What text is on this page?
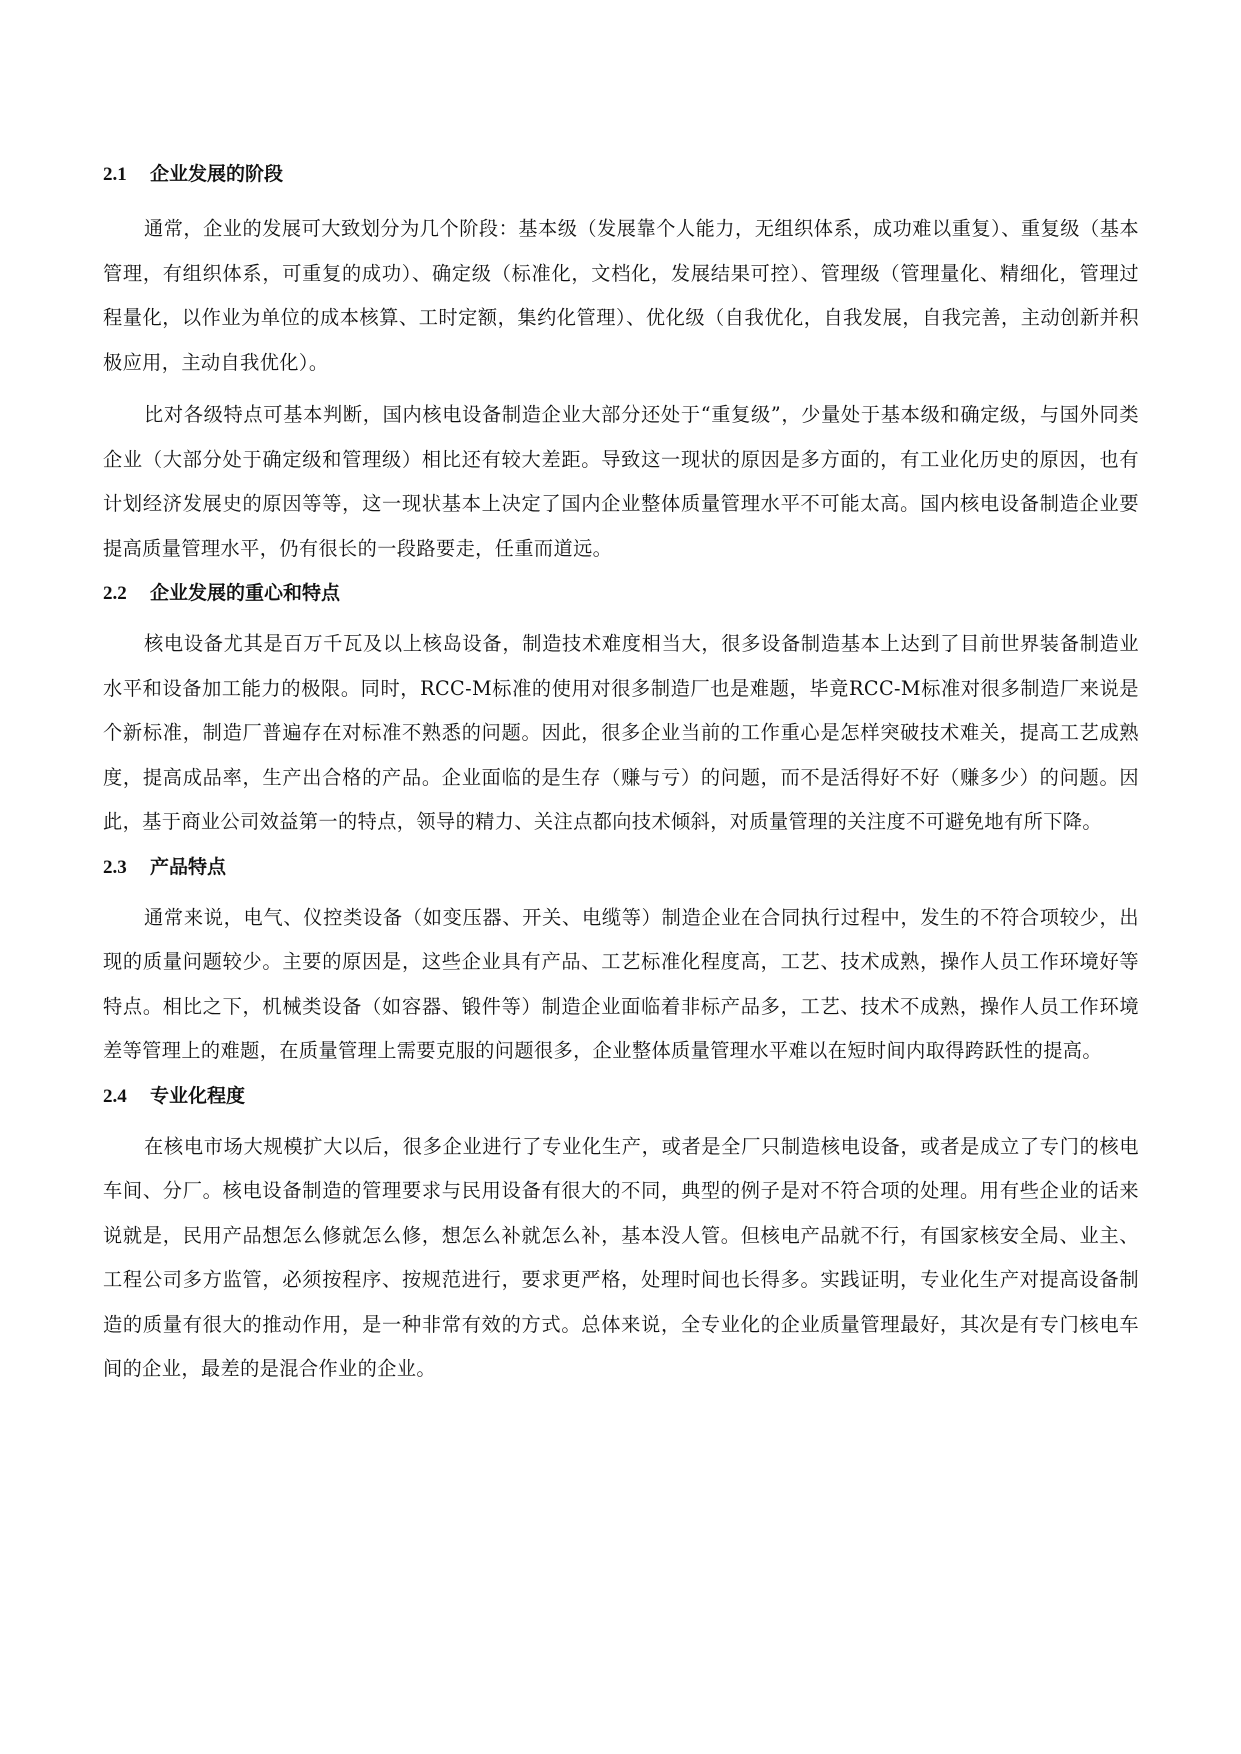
2.1	企业发展的阶段

通常，企业的发展可大致划分为几个阶段：基本级（发展靠个人能力，无组织体系，成功难以重复）、重复级（基本管理，有组织体系，可重复的成功）、确定级（标准化，文档化，发展结果可控）、管理级（管理量化、精细化，管理过程量化，以作业为单位的成本核算、工时定额，集约化管理）、优化级（自我优化，自我发展，自我完善，主动创新并积极应用，主动自我优化）。

比对各级特点可基本判断，国内核电设备制造企业大部分还处于“重复级”，少量处于基本级和确定级，与国外同类企业（大部分处于确定级和管理级）相比还有较大差距。导致这一现状的原因是多方面的，有工业化历史的原因，也有计划经济发展史的原因等等，这一现状基本上决定了国内企业整体质量管理水平不可能太高。国内核电设备制造企业要提高质量管理水平，仍有很长的一段路要走，任重而道远。

2.2	企业发展的重心和特点

核电设备尤其是百万千瓦及以上核岛设备，制造技术难度相当大，很多设备制造基本上达到了目前世界装备制造业水平和设备加工能力的极限。同时，RCC-M标准的使用对很多制造厂也是难题，毕竟RCC-M标准对很多制造厂来说是个新标准，制造厂普遍存在对标准不熟悉的问题。因此，很多企业当前的工作重心是怎样突破技术难关，提高工艺成熟度，提高成品率，生产出合格的产品。企业面临的是生存（赚与亏）的问题，而不是活得好不好（赚多少）的问题。因此，基于商业公司效益第一的特点，领导的精力、关注点都向技术倾斜，对质量管理的关注度不可避免地有所下降。

2.3	产品特点

通常来说，电气、仪控类设备（如变压器、开关、电缆等）制造企业在合同执行过程中，发生的不符合项较少，出现的质量问题较少。主要的原因是，这些企业具有产品、工艺标准化程度高，工艺、技术成熟，操作人员工作环境好等特点。相比之下，机械类设备（如容器、锻件等）制造企业面临着非标产品多，工艺、技术不成熟，操作人员工作环境差等管理上的难题，在质量管理上需要克服的问题很多，企业整体质量管理水平难以在短时间内取得跨跃性的提高。

2.4	专业化程度

在核电市场大规模扩大以后，很多企业进行了专业化生产，或者是全厂只制造核电设备，或者是成立了专门的核电车间、分厂。核电设备制造的管理要求与民用设备有很大的不同，典型的例子是对不符合项的处理。用有些企业的话来说就是，民用产品想怎么修就怎么修，想怎么补就怎么补，基本没人管。但核电产品就不行，有国家核安全局、业主、工程公司多方监管，必须按程序、按规范进行，要求更严格，处理时间也长得多。实践证明，专业化生产对提高设备制造的质量有很大的推动作用，是一种非常有效的方式。总体来说，全专业化的企业质量管理最好，其次是有专门核电车间的企业，最差的是混合作业的企业。
